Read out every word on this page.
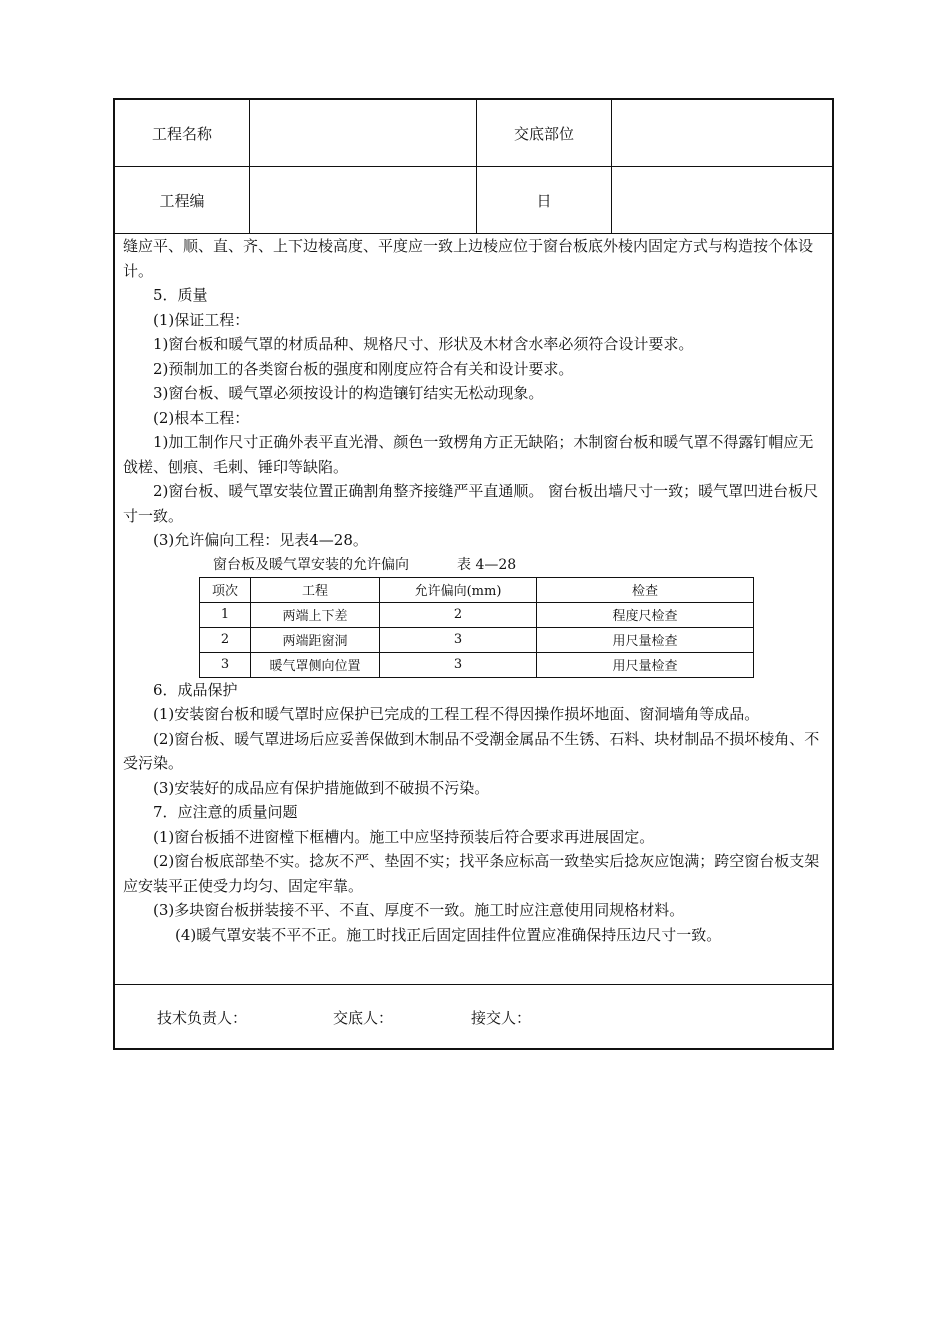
工程名称	交底部位
工程编	日

缝应平、顺、直、齐、上下边棱高度、平度应一致上边棱应位于窗台板底外棱内固定方式与构造按个体设计。

5．质量

(1)保证工程：

1)窗台板和暖气罩的材质品种、规格尺寸、形状及木材含水率必须符合设计要求。

2)预制加工的各类窗台板的强度和刚度应符合有关和设计要求。

3)窗台板、暖气罩必须按设计的构造镶钉结实无松动现象。

(2)根本工程：

1)加工制作尺寸正确外表平直光滑、颜色一致楞角方正无缺陷；木制窗台板和暖气罩不得露钉帽应无戗槎、刨痕、毛刺、锤印等缺陷。

2)窗台板、暖气罩安装位置正确割角整齐接缝严平直通顺。 窗台板出墙尺寸一致；暖气罩凹进台板尺寸一致。

(3)允许偏向工程：见表4—28。

窗台板及暖气罩安装的允许偏向	表 4—28
项次	工程	允许偏向(mm)	检查
1	两端上下差	2	程度尺检查
2	两端距窗洞	3	用尺量检查
3	暖气罩侧向位置	3	用尺量检查

6．成品保护

(1)安装窗台板和暖气罩时应保护已完成的工程工程不得因操作损坏地面、窗洞墙角等成品。

(2)窗台板、暖气罩进场后应妥善保做到木制品不受潮金属品不生锈、石料、块材制品不损坏棱角、不受污染。

(3)安装好的成品应有保护措施做到不破损不污染。

7．应注意的质量问题

(1)窗台板插不进窗樘下框槽内。施工中应坚持预装后符合要求再进展固定。

(2)窗台板底部垫不实。捻灰不严、垫固不实；找平条应标高一致垫实后捻灰应饱满；跨空窗台板支架应安装平正使受力均匀、固定牢靠。

(3)多块窗台板拼装接不平、不直、厚度不一致。施工时应注意使用同规格材料。

(4)暖气罩安装不平不正。施工时找正后固定固挂件位置应准确保持压边尺寸一致。

技术负责人：	交底人：	接交人：
